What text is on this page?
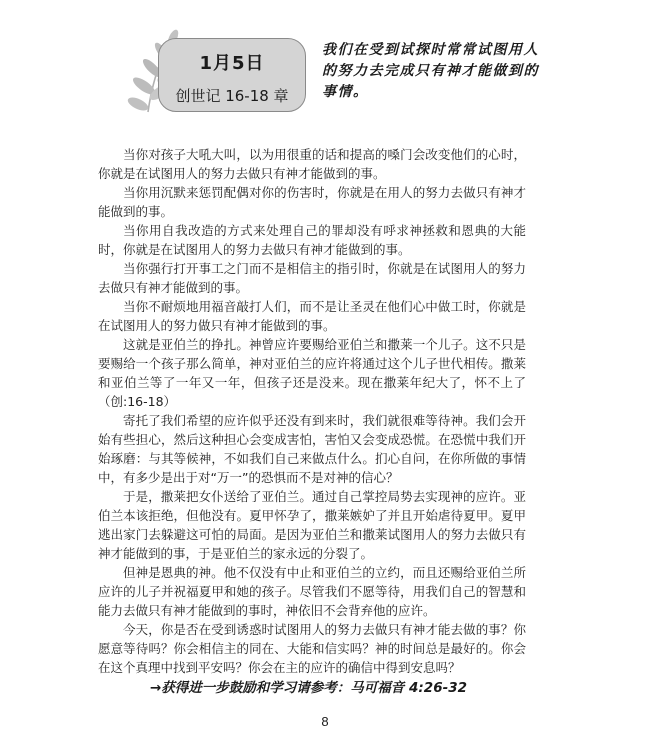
1月5日
创世记 16-18 章
我们在受到试探时常常试图用人的努力去完成只有神才能做到的事情。

当你对孩子大吼大叫，以为用很重的话和提高的嗓门会改变他们的心时，你就是在试图用人的努力去做只有神才能做到的事。

当你用沉默来惩罚配偶对你的伤害时，你就是在用人的努力去做只有神才能做到的事。

当你用自我改造的方式来处理自己的罪却没有呼求神拯救和恩典的大能时，你就是在试图用人的努力去做只有神才能做到的事。

当你强行打开事工之门而不是相信主的指引时，你就是在试图用人的努力去做只有神才能做到的事。

当你不耐烦地用福音敲打人们，而不是让圣灵在他们心中做工时，你就是在试图用人的努力做只有神才能做到的事。

这就是亚伯兰的挣扎。神曾应许要赐给亚伯兰和撒莱一个儿子。这不只是要赐给一个孩子那么简单，神对亚伯兰的应许将通过这个儿子世代相传。撒莱和亚伯兰等了一年又一年，但孩子还是没来。现在撒莱年纪大了，怀不上了（创:16-18）

寄托了我们希望的应许似乎还没有到来时，我们就很难等待神。我们会开始有些担心，然后这种担心会变成害怕，害怕又会变成恐慌。在恐慌中我们开始琢磨：与其等候神，不如我们自己来做点什么。扪心自问，在你所做的事情中，有多少是出于对“万一”的恐惧而不是对神的信心？

于是，撒莱把女仆送给了亚伯兰。通过自己掌控局势去实现神的应许。亚伯兰本该拒绝，但他没有。夏甲怀孕了，撒莱嫉妒了并且开始虐待夏甲。夏甲逃出家门去躲避这可怕的局面。是因为亚伯兰和撒莱试图用人的努力去做只有神才能做到的事，于是亚伯兰的家永远的分裂了。

但神是恩典的神。他不仅没有中止和亚伯兰的立约，而且还赐给亚伯兰所应许的儿子并祝福夏甲和她的孩子。尽管我们不愿等待，用我们自己的智慧和能力去做只有神才能做到的事时，神依旧不会背弃他的应许。

今天，你是否在受到诱惑时试图用人的努力去做只有神才能去做的事？你愿意等待吗？你会相信主的同在、大能和信实吗？神的时间总是最好的。你会在这个真理中找到平安吗？你会在主的应许的确信中得到安息吗？

→获得进一步鼓励和学习请参考：马可福音 4:26-32
8
